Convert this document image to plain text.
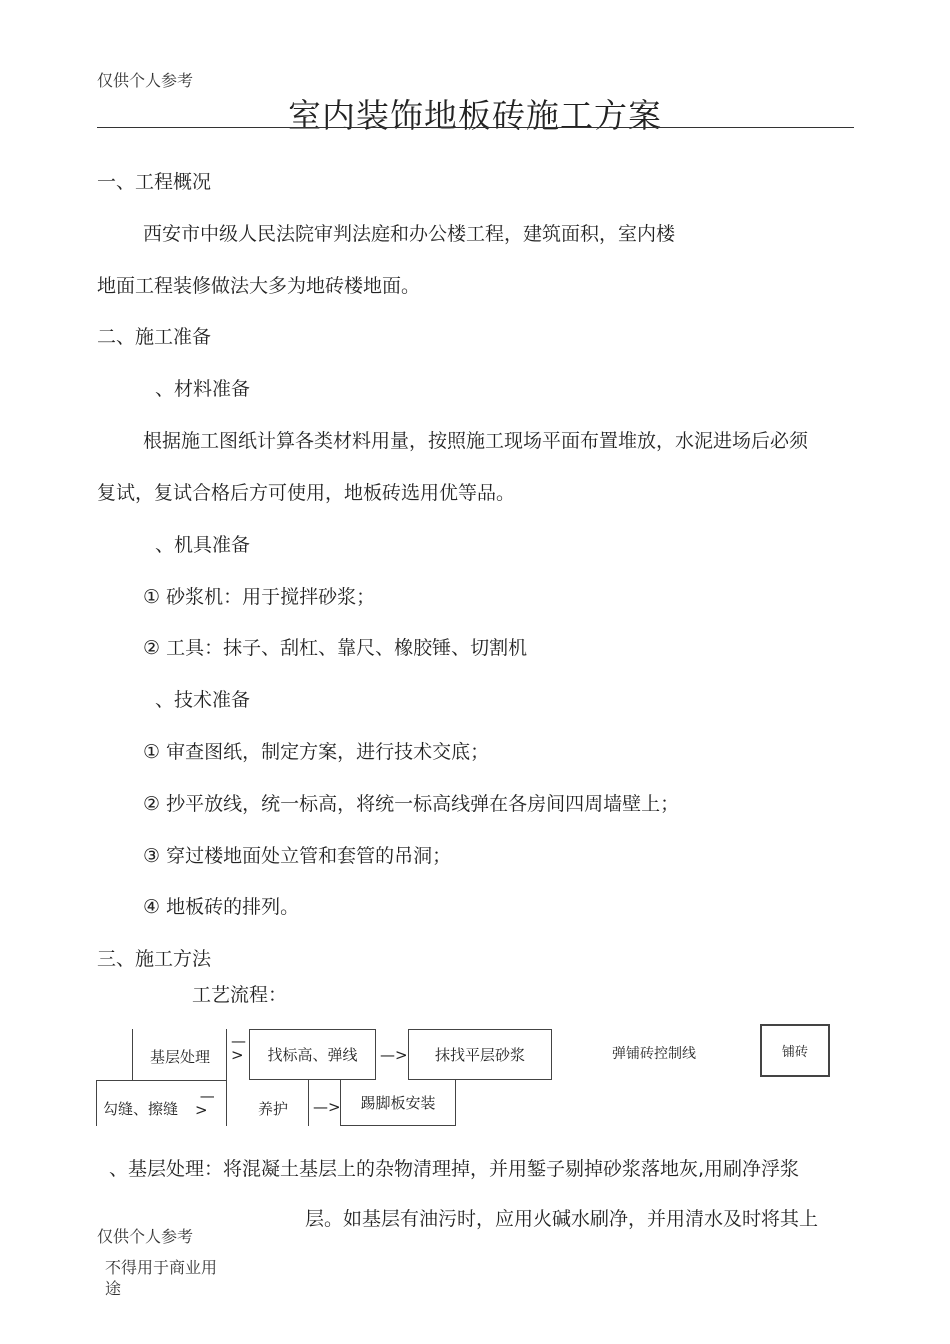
仅供个人参考
室内装饰地板砖施工方案
一、工程概况
西安市中级人民法院审判法庭和办公楼工程，建筑面积，室内楼
地面工程装修做法大多为地砖楼地面。
二、施工准备
、材料准备
根据施工图纸计算各类材料用量，按照施工现场平面布置堆放，水泥进场后必须
复试，复试合格后方可使用，地板砖选用优等品。
、机具准备
① 砂浆机：用于搅拌砂浆；
② 工具：抹子、刮杠、靠尺、橡胶锤、切割机
、技术准备
① 审查图纸，制定方案，进行技术交底；
② 抄平放线，统一标高，将统一标高线弹在各房间四周墙壁上；
③ 穿过楼地面处立管和套管的吊洞；
④ 地板砖的排列。
三、施工方法
工艺流程：
基层处理
—
> 找标高、弹线 —> 抹找平层砂浆	弹铺砖控制线	铺砖
勾缝、擦缝
—
>	养护 —> 踢脚板安装
、基层处理：将混凝土基层上的杂物清理掉，并用錾子剔掉砂浆落地灰,用刷净浮浆
层。如基层有油污时，应用火碱水刷净，并用清水及时将其上
仅供个人参考
不得用于商业用
途
